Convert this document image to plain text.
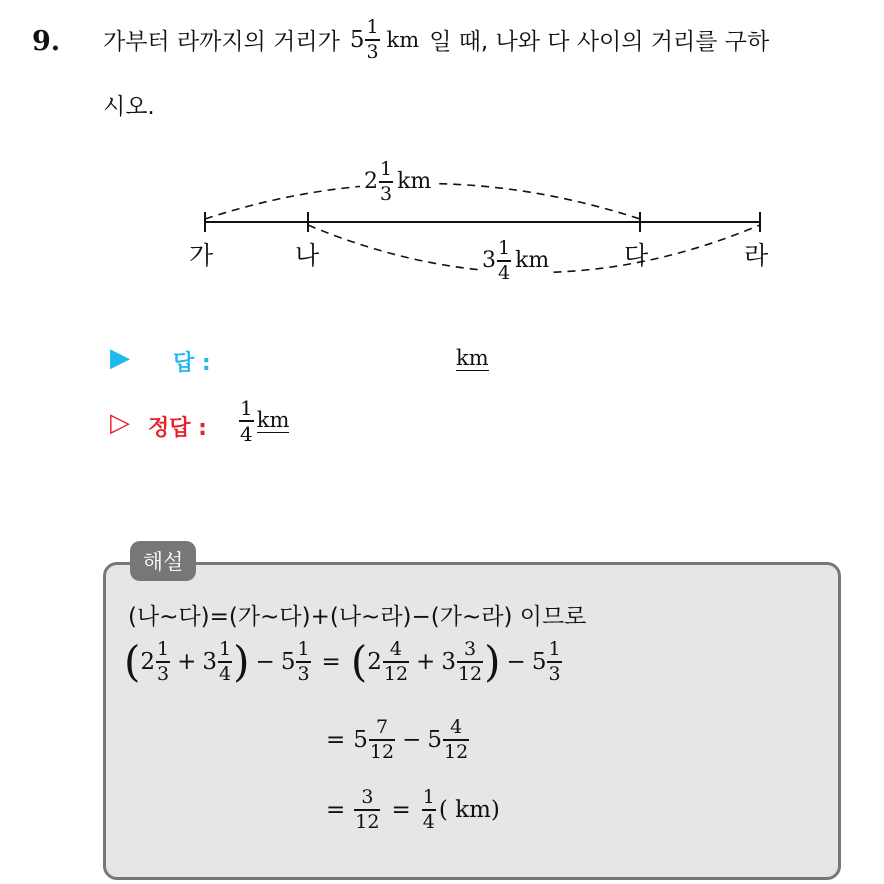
9. 가부터 라까지의 거리가 $5 \frac{1}{3}$ km 일 때, 나와 다 사이의 거리를 구하
시오.
$2 \frac{1}{3}$ km
$3 \frac{1}{4}$ km
가	나	다	라
▶ 답 :	km
▷ 정답 : $\frac{1}{4}$ km
해설
(나~다)=(가~다)+(나~라)−(가~라) 이므로
( $2 \frac{1}{3} + 3 \frac{1}{4}$ ) − $5 \frac{1}{3}$ = ( $2 \frac{4}{12} + 3 \frac{3}{12}$ ) − $5 \frac{1}{3}$
= $5 \frac{7}{12} - 5 \frac{4}{12}$
= $\frac{3}{12} = \frac{1}{4}$ ( km)
